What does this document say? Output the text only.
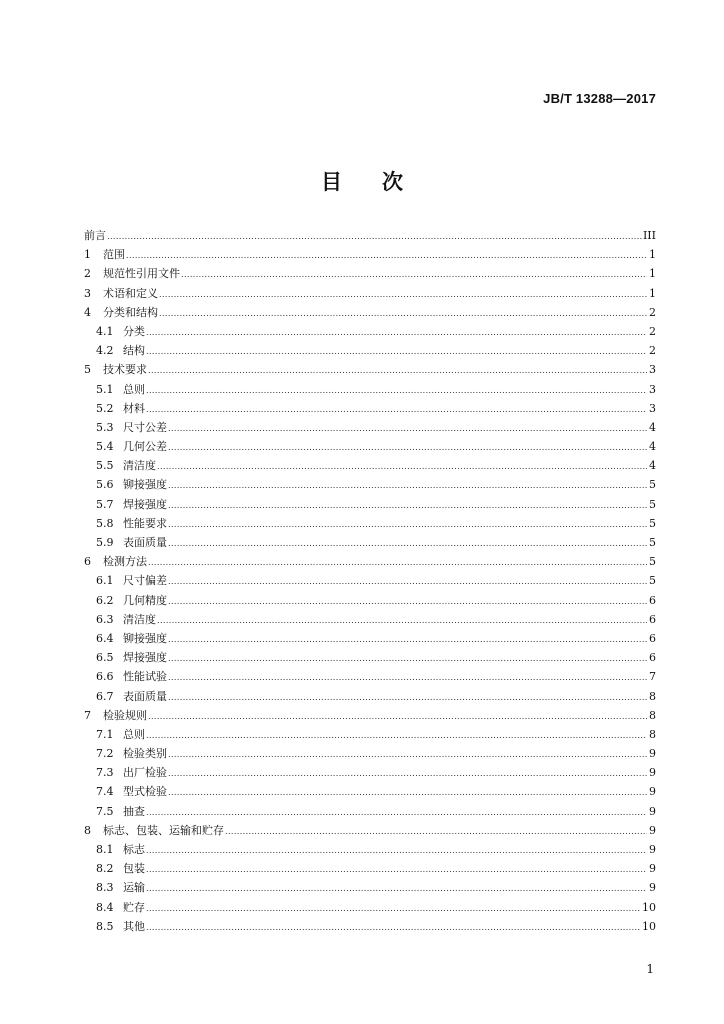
JB/T 13288—2017
目 次
前言 .....	III
1	范围 .....	1
2	规范性引用文件 .....	1
3	术语和定义 .....	1
4	分类和结构 .....	2
4.1 分类 .....	2
4.2 结构 .....	2
5	技术要求 .....	3
5.1 总则 .....	3
5.2 材料 .....	3
5.3 尺寸公差 .....	4
5.4 几何公差 .....	4
5.5 清洁度 .....	4
5.6 铆接强度 .....	5
5.7 焊接强度 .....	5
5.8 性能要求 .....	5
5.9 表面质量 .....	5
6	检测方法 .....	5
6.1 尺寸偏差 .....	5
6.2 几何精度 .....	6
6.3 清洁度 .....	6
6.4 铆接强度 .....	6
6.5 焊接强度 .....	6
6.6 性能试验 .....	7
6.7 表面质量 .....	8
7	检验规则 .....	8
7.1 总则 .....	8
7.2 检验类别 .....	9
7.3 出厂检验 .....	9
7.4 型式检验 .....	9
7.5 抽查 .....	9
8	标志、包装、运输和贮存 .....	9
8.1 标志 .....	9
8.2 包装 .....	9
8.3 运输 .....	9
8.4 贮存 .....	10
8.5 其他 .....	10
1
